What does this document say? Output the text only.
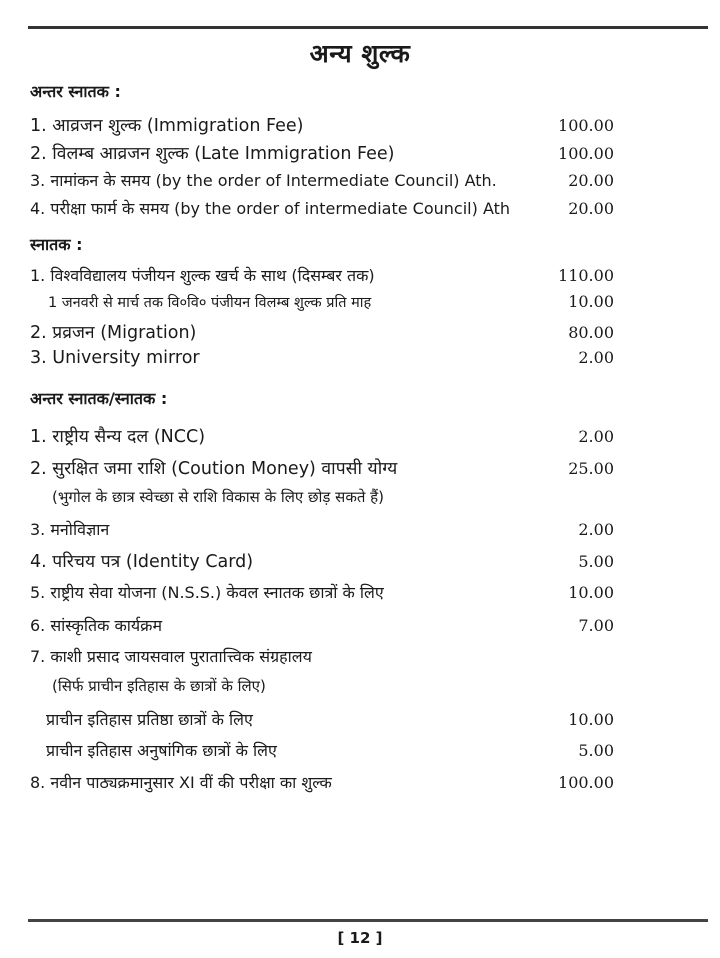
अन्य शुल्क
अन्तर स्नातक :
1. आव्रजन शुल्क (Immigration Fee)	100.00
2. विलम्ब आव्रजन शुल्क (Late Immigration Fee)	100.00
3. नामांकन के समय (by the order of Intermediate Council) Ath.	20.00
4. परीक्षा फार्म के समय (by the order of intermediate Council) Ath	20.00
स्नातक :
1. विश्वविद्यालय पंजीयन शुल्क खर्च के साथ (दिसम्बर तक)	110.00
1 जनवरी से मार्च तक वि०वि० पंजीयन विलम्ब शुल्क प्रति माह	10.00
2. प्रव्रजन (Migration)	80.00
3. University mirror	2.00
अन्तर स्नातक/स्नातक :
1. राष्ट्रीय सैन्य दल (NCC)	2.00
2. सुरक्षित जमा राशि (Coution Money) वापसी योग्य	25.00
(भुगोल के छात्र स्वेच्छा से राशि विकास के लिए छोड़ सकते हैं)
3. मनोविज्ञान	2.00
4. परिचय पत्र (Identity Card)	5.00
5. राष्ट्रीय सेवा योजना (N.S.S.) केवल स्नातक छात्रों के लिए	10.00
6. सांस्कृतिक कार्यक्रम	7.00
7. काशी प्रसाद जायसवाल पुरातात्त्विक संग्रहालय
(सिर्फ प्राचीन इतिहास के छात्रों के लिए)
प्राचीन इतिहास प्रतिष्ठा छात्रों के लिए	10.00
प्राचीन इतिहास अनुषांगिक छात्रों के लिए	5.00
8. नवीन पाठ्यक्रमानुसार XI वीं की परीक्षा का शुल्क	100.00
[ 12 ]
